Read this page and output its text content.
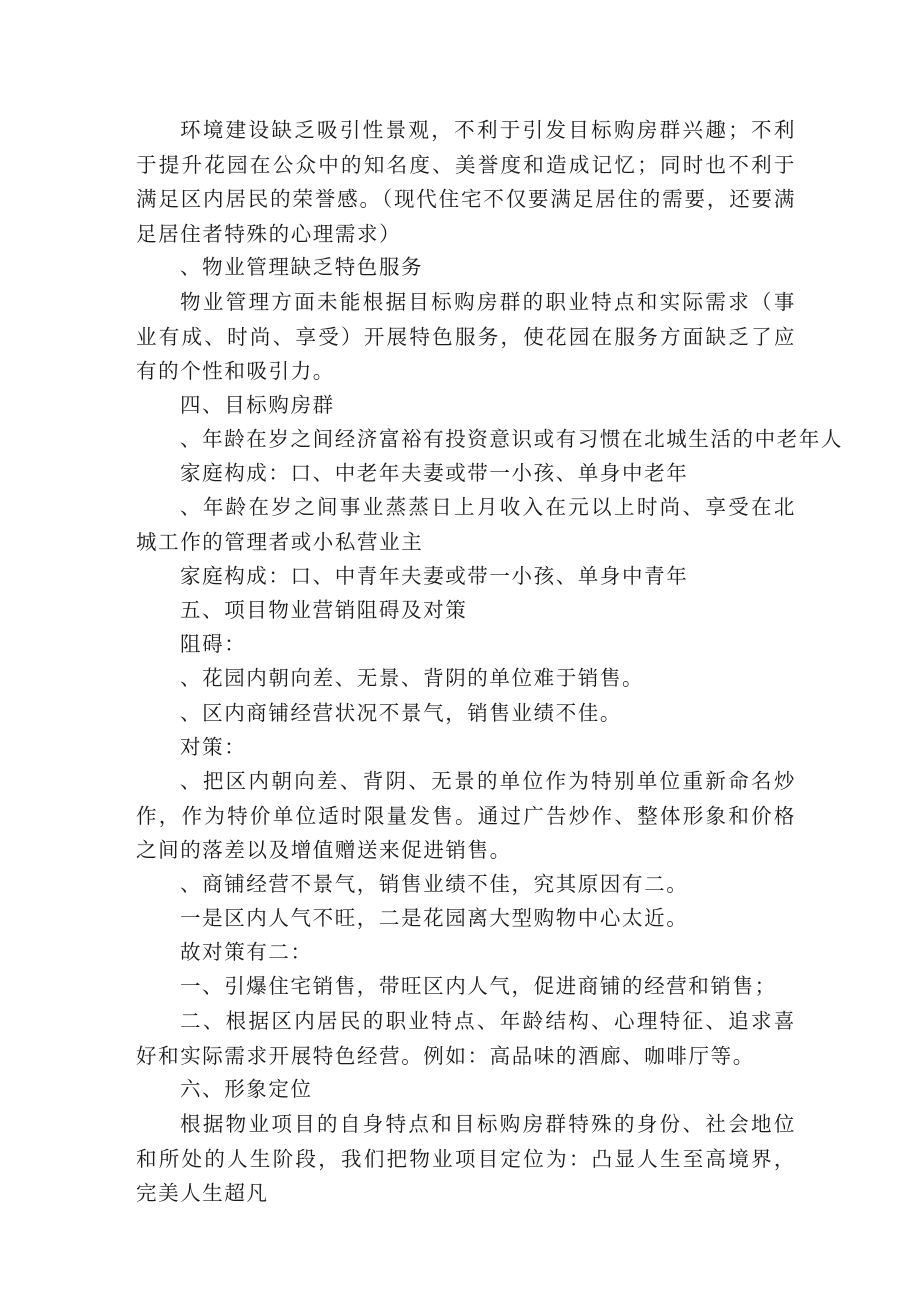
环境建设缺乏吸引性景观，不利于引发目标购房群兴趣；不利于提升花园在公众中的知名度、美誉度和造成记忆；同时也不利于满足区内居民的荣誉感。（现代住宅不仅要满足居住的需要，还要满足居住者特殊的心理需求）

、物业管理缺乏特色服务

物业管理方面未能根据目标购房群的职业特点和实际需求（事业有成、时尚、享受）开展特色服务，使花园在服务方面缺乏了应有的个性和吸引力。

四、目标购房群

、年龄在岁之间经济富裕有投资意识或有习惯在北城生活的中老年人

家庭构成：口、中老年夫妻或带一小孩、单身中老年

、年龄在岁之间事业蒸蒸日上月收入在元以上时尚、享受在北城工作的管理者或小私营业主

家庭构成：口、中青年夫妻或带一小孩、单身中青年

五、项目物业营销阻碍及对策

阻碍：

、花园内朝向差、无景、背阴的单位难于销售。

、区内商铺经营状况不景气，销售业绩不佳。

对策：

、把区内朝向差、背阴、无景的单位作为特别单位重新命名炒作，作为特价单位适时限量发售。通过广告炒作、整体形象和价格之间的落差以及增值赠送来促进销售。

、商铺经营不景气，销售业绩不佳，究其原因有二。

一是区内人气不旺，二是花园离大型购物中心太近。

故对策有二：

一、引爆住宅销售，带旺区内人气，促进商铺的经营和销售；

二、根据区内居民的职业特点、年龄结构、心理特征、追求喜好和实际需求开展特色经营。例如：高品味的酒廊、咖啡厅等。

六、形象定位

根据物业项目的自身特点和目标购房群特殊的身份、社会地位和所处的人生阶段，我们把物业项目定位为：凸显人生至高境界，完美人生超凡
